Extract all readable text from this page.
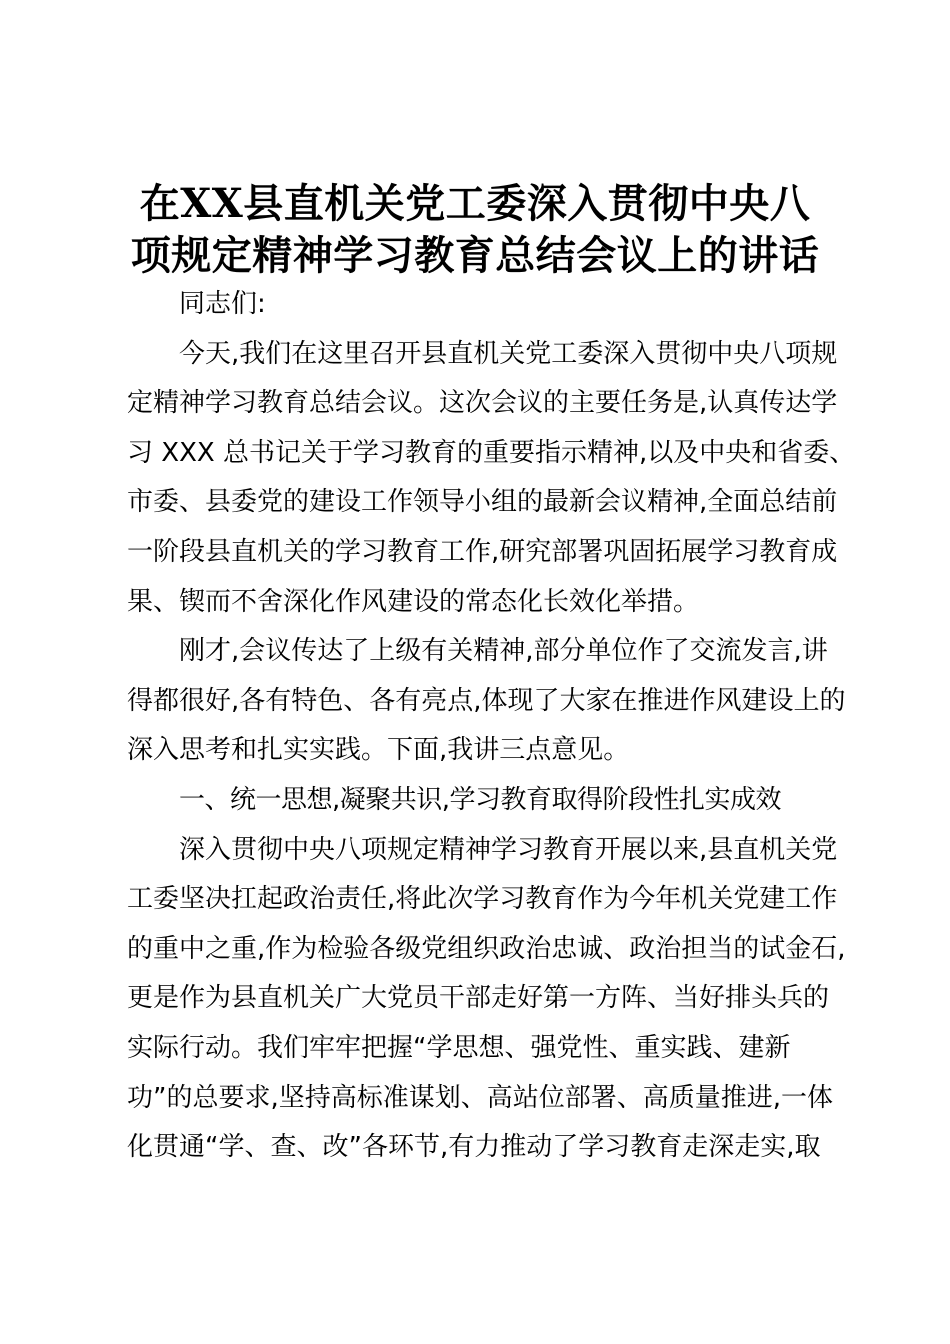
在XX县直机关党工委深入贯彻中央八
项规定精神学习教育总结会议上的讲话

同志们:

今天,我们在这里召开县直机关党工委深入贯彻中央八项规
定精神学习教育总结会议。这次会议的主要任务是,认真传达学
习 XXX 总书记关于学习教育的重要指示精神,以及中央和省委、
市委、县委党的建设工作领导小组的最新会议精神,全面总结前
一阶段县直机关的学习教育工作,研究部署巩固拓展学习教育成
果、锲而不舍深化作风建设的常态化长效化举措。

刚才,会议传达了上级有关精神,部分单位作了交流发言,讲
得都很好,各有特色、各有亮点,体现了大家在推进作风建设上的
深入思考和扎实实践。下面,我讲三点意见。

一、统一思想,凝聚共识,学习教育取得阶段性扎实成效

深入贯彻中央八项规定精神学习教育开展以来,县直机关党
工委坚决扛起政治责任,将此次学习教育作为今年机关党建工作
的重中之重,作为检验各级党组织政治忠诚、政治担当的试金石,
更是作为县直机关广大党员干部走好第一方阵、当好排头兵的
实际行动。我们牢牢把握“学思想、强党性、重实践、建新
功”的总要求,坚持高标准谋划、高站位部署、高质量推进,一体
化贯通“学、查、改”各环节,有力推动了学习教育走深走实,取
